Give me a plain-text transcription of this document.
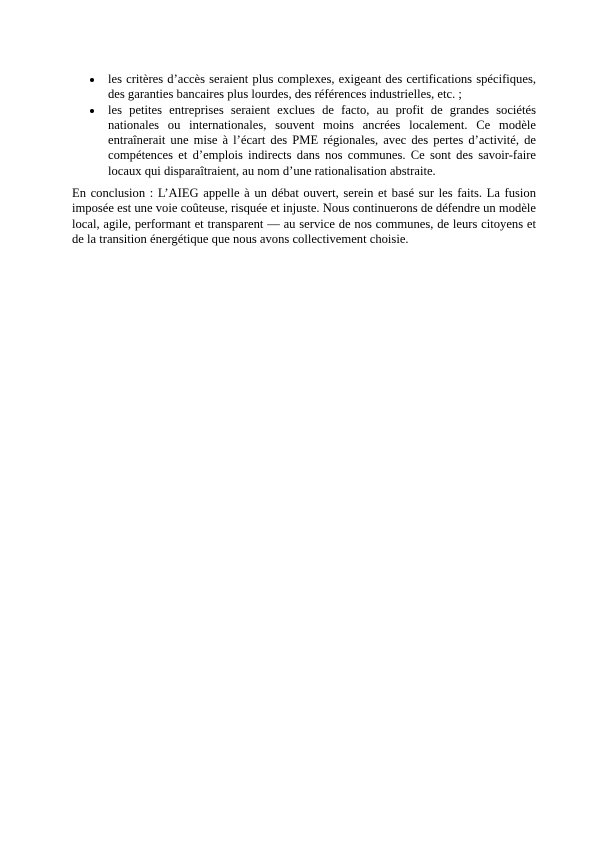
les critères d’accès seraient plus complexes, exigeant des certifications spécifiques, des garanties bancaires plus lourdes, des références industrielles, etc. ;
les petites entreprises seraient exclues de facto, au profit de grandes sociétés nationales ou internationales, souvent moins ancrées localement. Ce modèle entraînerait une mise à l’écart des PME régionales, avec des pertes d’activité, de compétences et d’emplois indirects dans nos communes. Ce sont des savoir-faire locaux qui disparaîtraient, au nom d’une rationalisation abstraite.

En conclusion : L’AIEG appelle à un débat ouvert, serein et basé sur les faits. La fusion imposée est une voie coûteuse, risquée et injuste. Nous continuerons de défendre un modèle local, agile, performant et transparent — au service de nos communes, de leurs citoyens et de la transition énergétique que nous avons collectivement choisie.
